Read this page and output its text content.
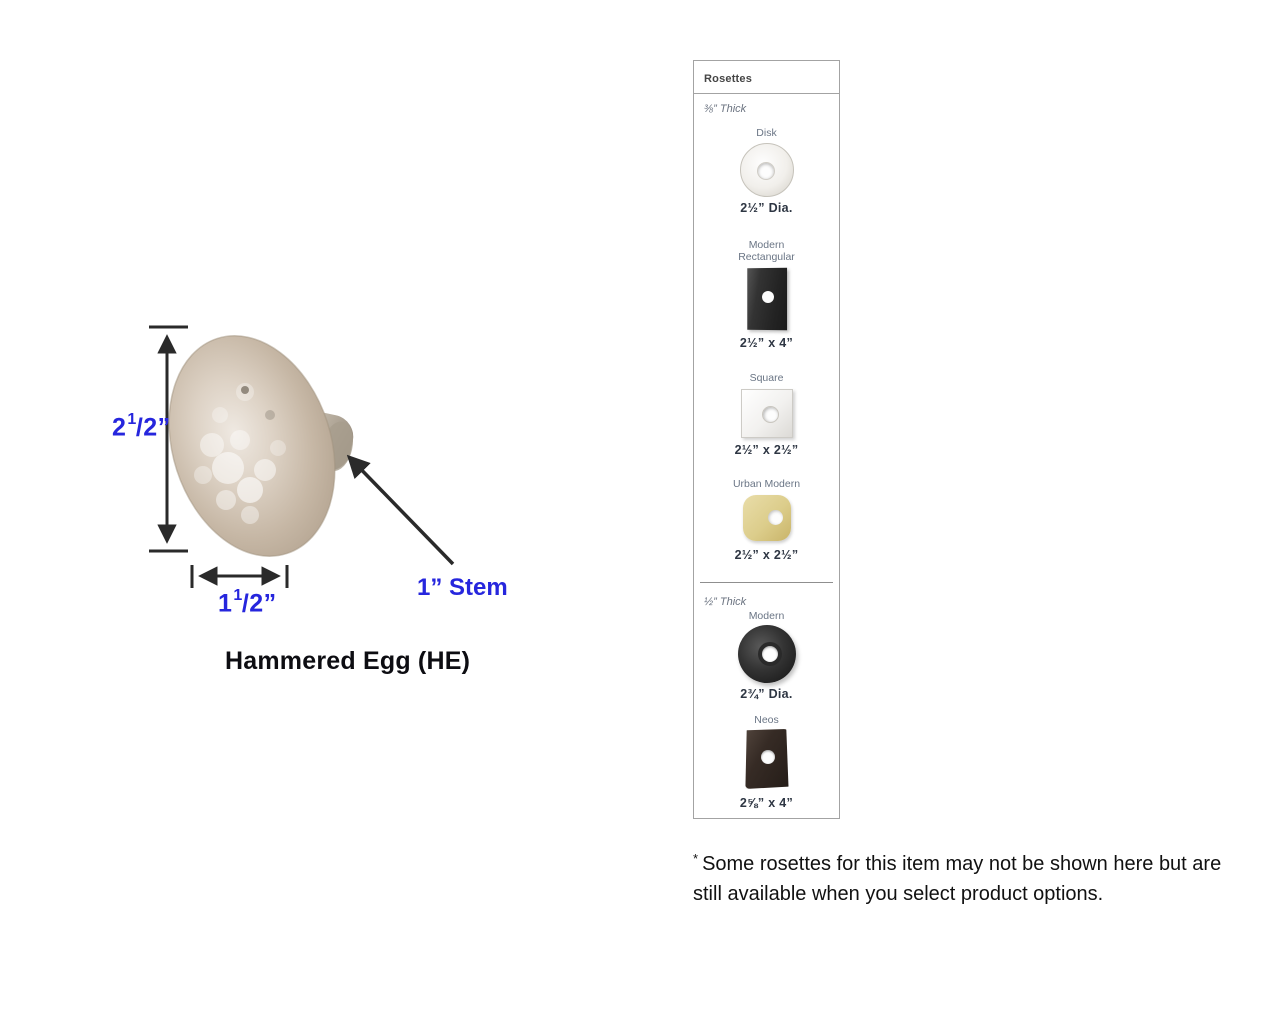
$2^1/2$”
$1^1/2$”
1” Stem
Hammered Egg (HE)
Rosettes
⅜” Thick
Disk
2½” Dia.
Modern Rectangular
2½” x 4”
Square
2½” x 2½”
Urban Modern
2½” x 2½”
½” Thick
Modern
2¾” Dia.
Neos
2⅝” x 4”
* Some rosettes for this item may not be shown here but are still available when you select product options.
